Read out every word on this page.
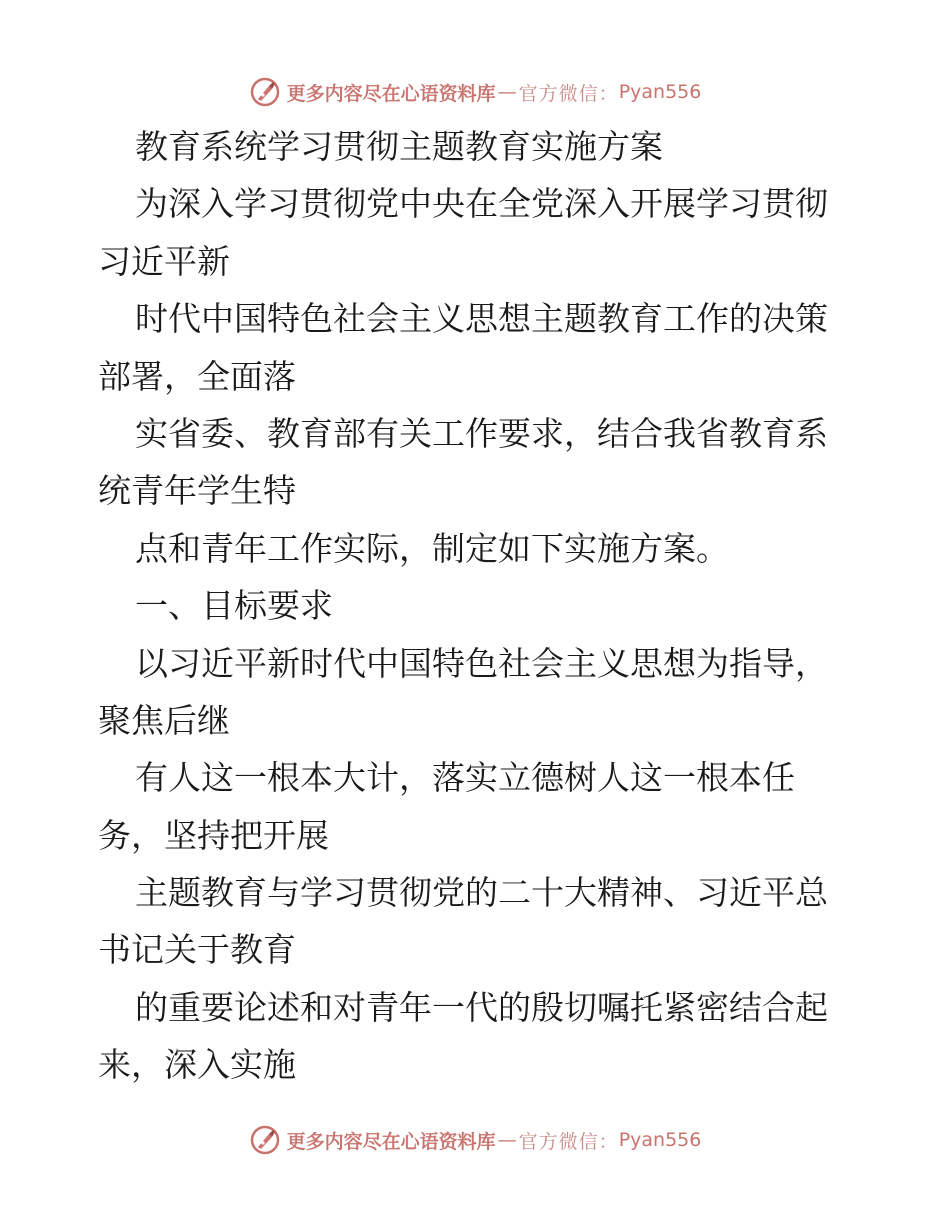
更多内容尽在心语资料库 — 官方微信： Pyan556
教育系统学习贯彻主题教育实施方案
为深入学习贯彻党中央在全党深入开展学习贯彻
习近平新
时代中国特色社会主义思想主题教育工作的决策
部署，全面落
实省委、教育部有关工作要求，结合我省教育系
统青年学生特
点和青年工作实际，制定如下实施方案。
一、目标要求
以习近平新时代中国特色社会主义思想为指导，
聚焦后继
有人这一根本大计，落实立德树人这一根本任
务，坚持把开展
主题教育与学习贯彻党的二十大精神、习近平总
书记关于教育
的重要论述和对青年一代的殷切嘱托紧密结合起
来，深入实施
更多内容尽在心语资料库 — 官方微信： Pyan556
